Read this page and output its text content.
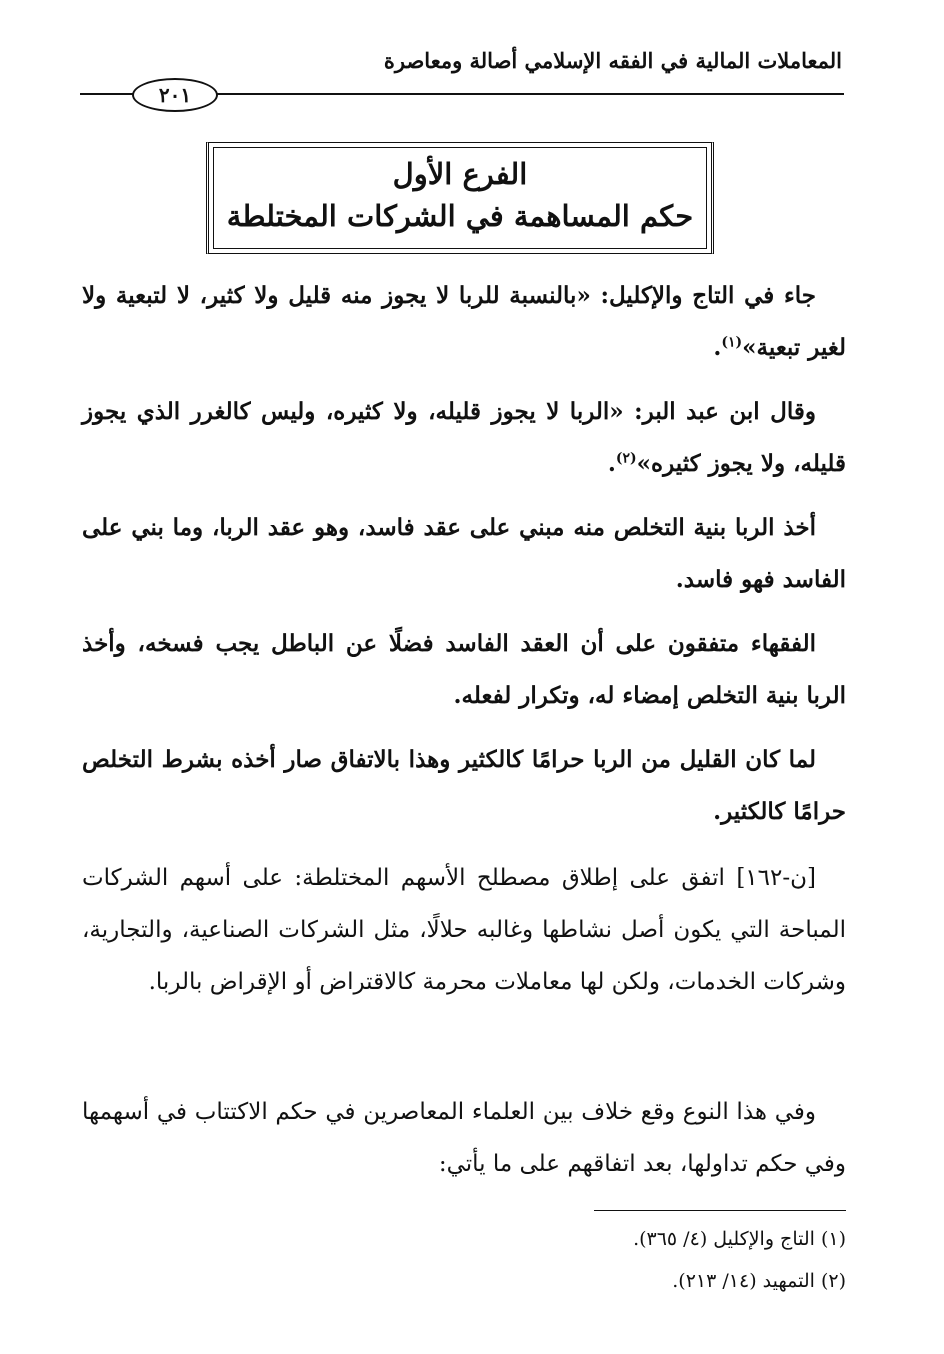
المعاملات المالية في الفقه الإسلامي أصالة ومعاصرة
٢٠١
الفرع الأول
حكم المساهمة في الشركات المختلطة
جاء في التاج والإكليل: «بالنسبة للربا لا يجوز منه قليل ولا كثير، لا لتبعية ولا لغير تبعية»$^{(١)}$.
وقال ابن عبد البر: «الربا لا يجوز قليله، ولا كثيره، وليس كالغرر الذي يجوز قليله، ولا يجوز كثيره»$^{(٢)}$.
أخذ الربا بنية التخلص منه مبني على عقد فاسد، وهو عقد الربا، وما بني على الفاسد فهو فاسد.
الفقهاء متفقون على أن العقد الفاسد فضلًا عن الباطل يجب فسخه، وأخذ الربا بنية التخلص إمضاء له، وتكرار لفعله.
لما كان القليل من الربا حرامًا كالكثير وهذا بالاتفاق صار أخذه بشرط التخلص حرامًا كالكثير.
[ن-١٦٢] اتفق على إطلاق مصطلح الأسهم المختلطة: على أسهم الشركات المباحة التي يكون أصل نشاطها وغالبه حلالًا، مثل الشركات الصناعية، والتجارية، وشركات الخدمات، ولكن لها معاملات محرمة كالاقتراض أو الإقراض بالربا.
وفي هذا النوع وقع خلاف بين العلماء المعاصرين في حكم الاكتتاب في أسهمها وفي حكم تداولها، بعد اتفاقهم على ما يأتي:
(١) التاج والإكليل (٤/ ٣٦٥).
(٢) التمهيد (١٤/ ٢١٣).
